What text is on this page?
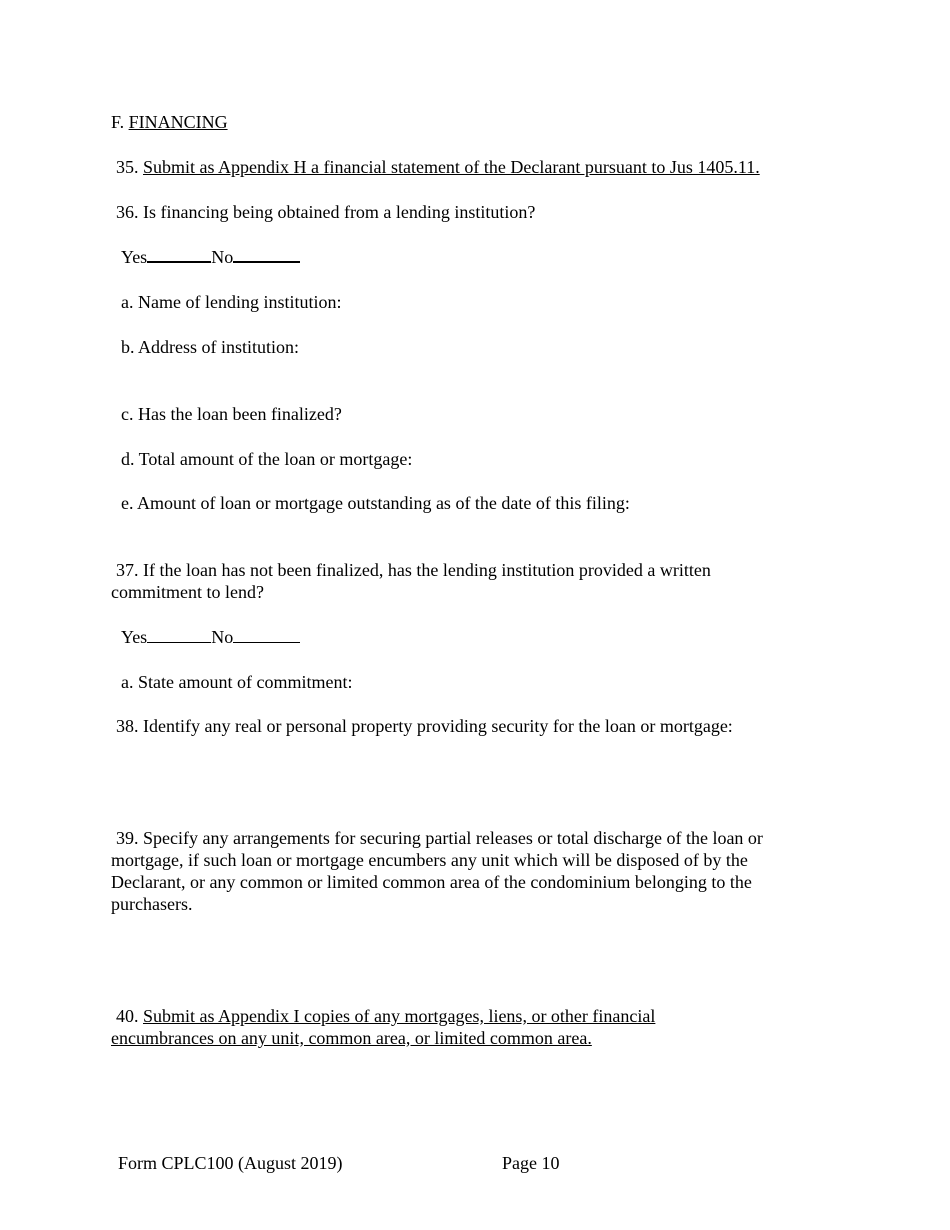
F. FINANCING
35. Submit as Appendix H a financial statement of the Declarant pursuant to Jus 1405.11.
36. Is financing being obtained from a lending institution?
Yes	No
a. Name of lending institution:
b. Address of institution:
c. Has the loan been finalized?
d. Total amount of the loan or mortgage:
e. Amount of loan or mortgage outstanding as of the date of this filing:
37. If the loan has not been finalized, has the lending institution provided a written
commitment to lend?
Yes	No
a. State amount of commitment:
38. Identify any real or personal property providing security for the loan or mortgage:
39. Specify any arrangements for securing partial releases or total discharge of the loan or
mortgage, if such loan or mortgage encumbers any unit which will be disposed of by the
Declarant, or any common or limited common area of the condominium belonging to the
purchasers.
40. Submit as Appendix I copies of any mortgages, liens, or other financial
encumbrances on any unit, common area, or limited common area.
Form CPLC100 (August 2019)	Page 10
